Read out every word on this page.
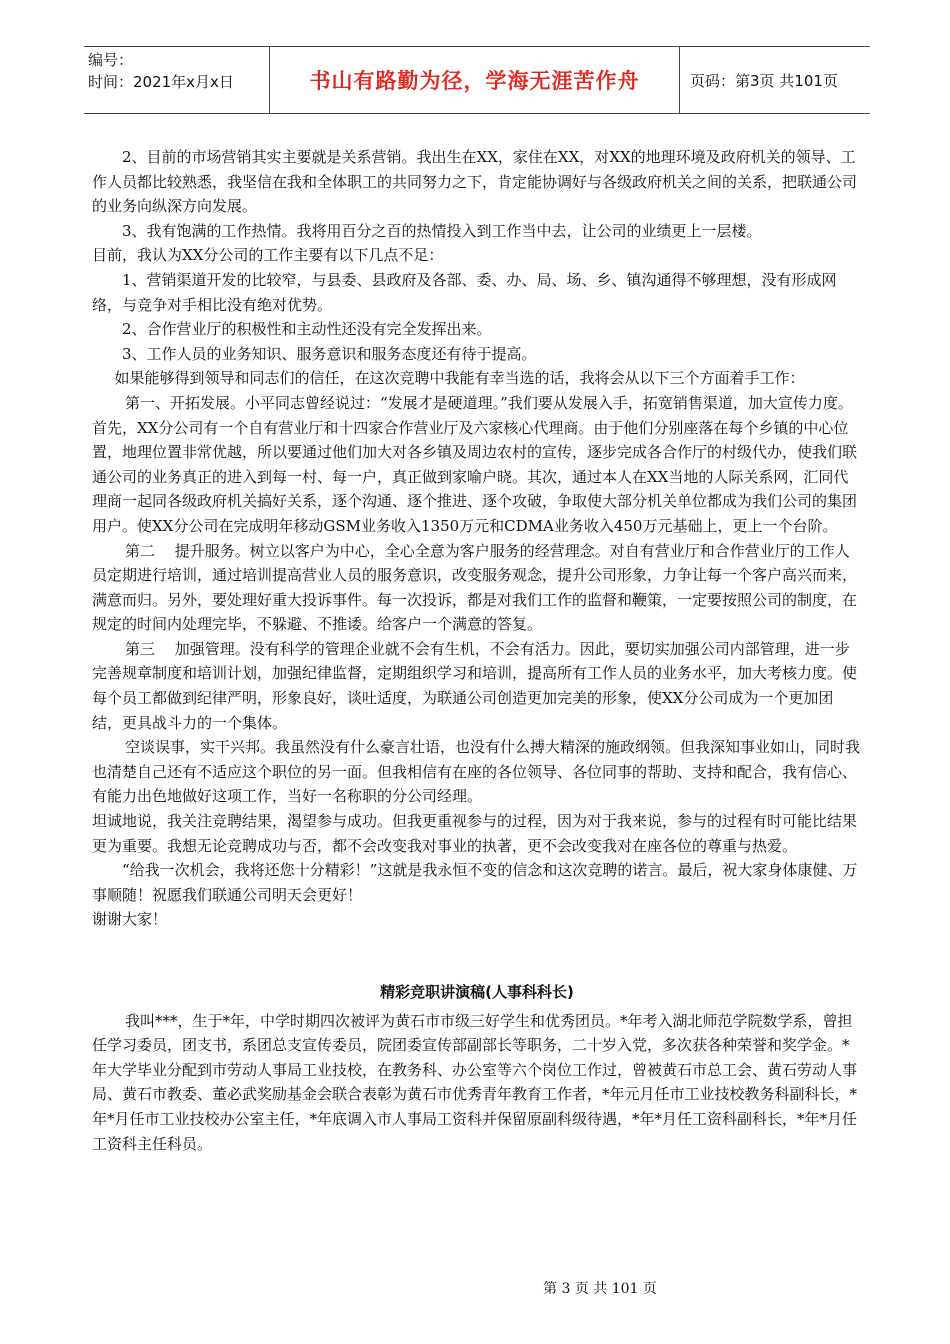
编号：
时间：2021年x月x日	书山有路勤为径，学海无涯苦作舟	页码：第3页 共101页

2、目前的市场营销其实主要就是关系营销。我出生在XX，家住在XX，对XX的地理环境及政府机关的领导、工作人员都比较熟悉，我坚信在我和全体职工的共同努力之下，肯定能协调好与各级政府机关之间的关系，把联通公司的业务向纵深方向发展。

3、我有饱满的工作热情。我将用百分之百的热情投入到工作当中去，让公司的业绩更上一层楼。

目前，我认为XX分公司的工作主要有以下几点不足：

1、营销渠道开发的比较窄，与县委、县政府及各部、委、办、局、场、乡、镇沟通得不够理想，没有形成网络，与竞争对手相比没有绝对优势。

2、合作营业厅的积极性和主动性还没有完全发挥出来。

3、工作人员的业务知识、服务意识和服务态度还有待于提高。

如果能够得到领导和同志们的信任，在这次竞聘中我能有幸当选的话，我将会从以下三个方面着手工作：

第一、开拓发展。小平同志曾经说过：“发展才是硬道理。”我们要从发展入手，拓宽销售渠道，加大宣传力度。首先，XX分公司有一个自有营业厅和十四家合作营业厅及六家核心代理商。由于他们分别座落在每个乡镇的中心位置，地理位置非常优越，所以要通过他们加大对各乡镇及周边农村的宣传，逐步完成各合作厅的村级代办，使我们联通公司的业务真正的进入到每一村、每一户，真正做到家喻户晓。其次，通过本人在XX当地的人际关系网，汇同代理商一起同各级政府机关搞好关系，逐个沟通、逐个推进、逐个攻破，争取使大部分机关单位都成为我们公司的集团用户。使XX分公司在完成明年移动GSM业务收入1350万元和CDMA业务收入450万元基础上，更上一个台阶。

第二　 提升服务。树立以客户为中心，全心全意为客户服务的经营理念。对自有营业厅和合作营业厅的工作人员定期进行培训，通过培训提高营业人员的服务意识，改变服务观念，提升公司形象，力争让每一个客户高兴而来，满意而归。另外，要处理好重大投诉事件。每一次投诉，都是对我们工作的监督和鞭策，一定要按照公司的制度，在规定的时间内处理完毕，不躲避、不推诿。给客户一个满意的答复。

第三　 加强管理。没有科学的管理企业就不会有生机，不会有活力。因此，要切实加强公司内部管理，进一步完善规章制度和培训计划，加强纪律监督，定期组织学习和培训，提高所有工作人员的业务水平，加大考核力度。使每个员工都做到纪律严明，形象良好，谈吐适度，为联通公司创造更加完美的形象，使XX分公司成为一个更加团结，更具战斗力的一个集体。

空谈误事，实干兴邦。我虽然没有什么豪言壮语，也没有什么搏大精深的施政纲领。但我深知事业如山，同时我也清楚自己还有不适应这个职位的另一面。但我相信有在座的各位领导、各位同事的帮助、支持和配合，我有信心、有能力出色地做好这项工作，当好一名称职的分公司经理。

坦诚地说，我关注竞聘结果，渴望参与成功。但我更重视参与的过程，因为对于我来说，参与的过程有时可能比结果更为重要。我想无论竞聘成功与否，都不会改变我对事业的执著，更不会改变我对在座各位的尊重与热爱。

“给我一次机会，我将还您十分精彩！”这就是我永恒不变的信念和这次竞聘的诺言。最后，祝大家身体康健、万事顺随！祝愿我们联通公司明天会更好！

谢谢大家！

精彩竞职讲演稿(人事科科长)

我叫***，生于*年，中学时期四次被评为黄石市市级三好学生和优秀团员。*年考入湖北师范学院数学系，曾担任学习委员，团支书，系团总支宣传委员，院团委宣传部副部长等职务，二十岁入党，多次获各种荣誉和奖学金。*年大学毕业分配到市劳动人事局工业技校，在教务科、办公室等六个岗位工作过，曾被黄石市总工会、黄石劳动人事局、黄石市教委、董必武奖励基金会联合表彰为黄石市优秀青年教育工作者，*年元月任市工业技校教务科副科长，*年*月任市工业技校办公室主任，*年底调入市人事局工资科并保留原副科级待遇，*年*月任工资科副科长，*年*月任工资科主任科员。

第 3 页 共 101 页
